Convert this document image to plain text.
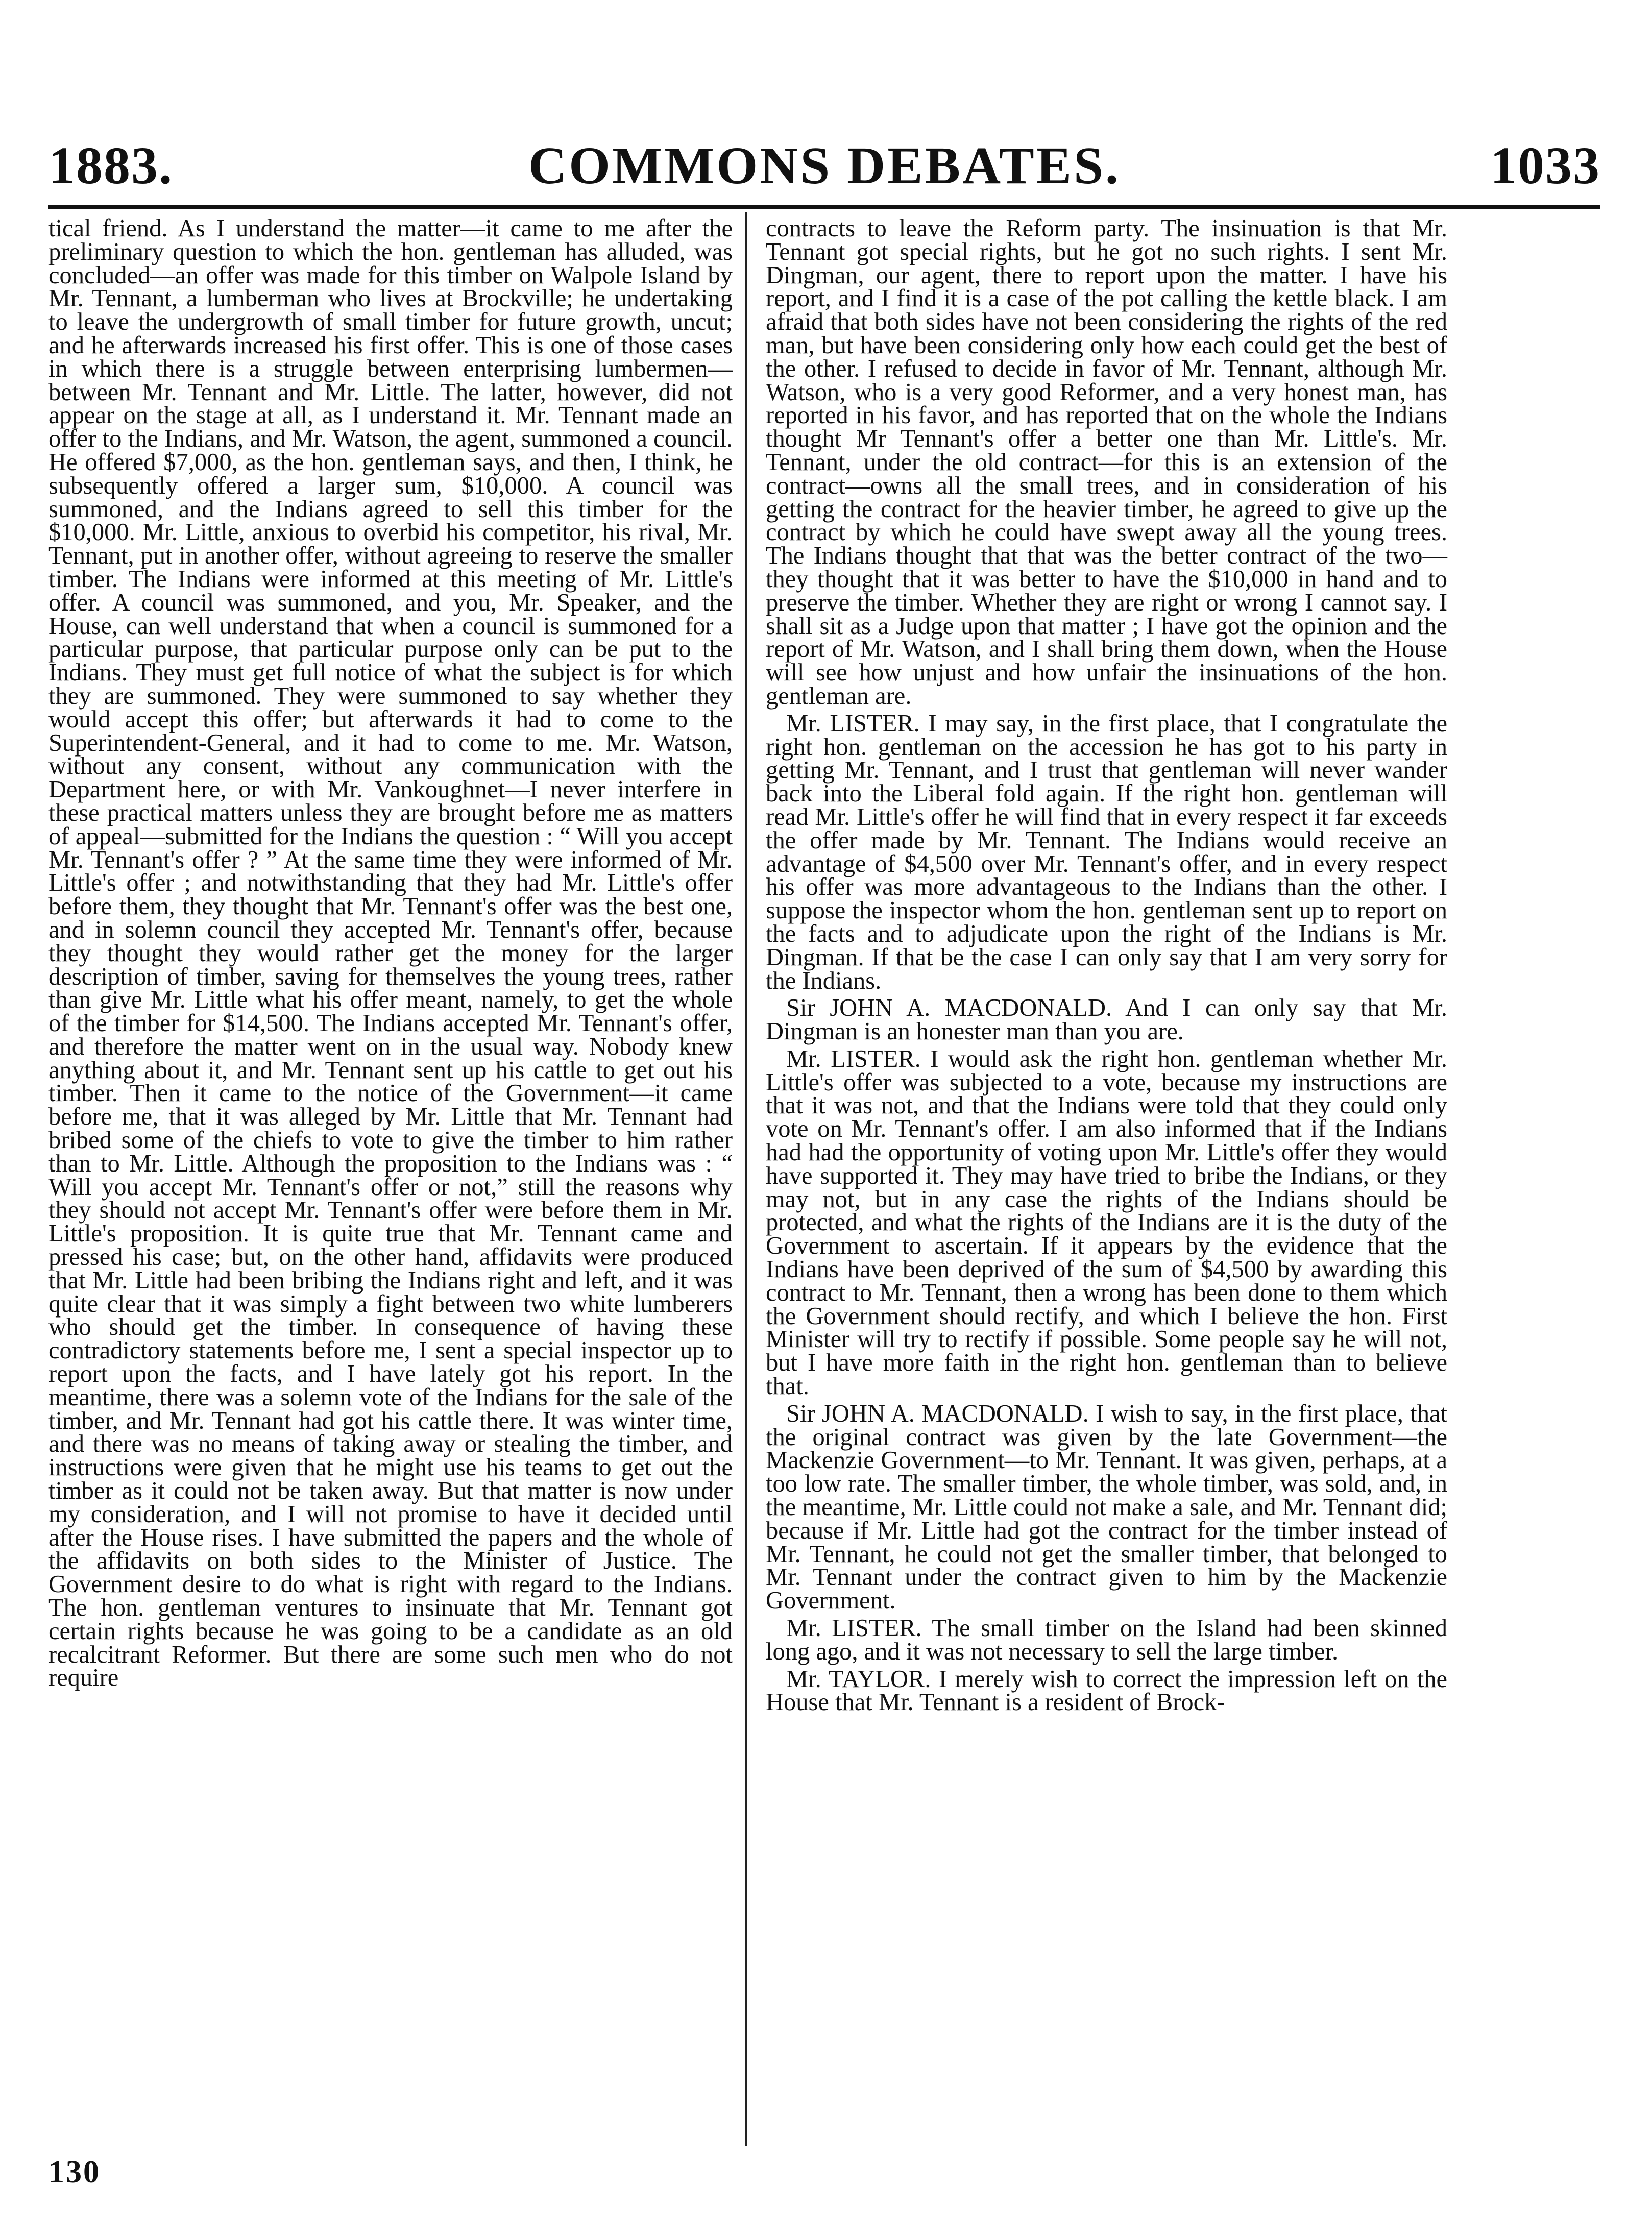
1883.	COMMONS DEBATES.	1033

tical friend. As I understand the matter—it came to me after the preliminary question to which the hon. gentleman has alluded, was concluded—an offer was made for this timber on Walpole Island by Mr. Tennant, a lumberman who lives at Brockville; he undertaking to leave the undergrowth of small timber for future growth, uncut; and he afterwards increased his first offer. This is one of those cases in which there is a struggle between enterprising lumbermen—between Mr. Tennant and Mr. Little. The latter, however, did not appear on the stage at all, as I understand it. Mr. Tennant made an offer to the Indians, and Mr. Watson, the agent, summoned a council. He offered $7,000, as the hon. gentleman says, and then, I think, he subsequently offered a larger sum, $10,000. A council was summoned, and the Indians agreed to sell this timber for the $10,000. Mr. Little, anxious to overbid his competitor, his rival, Mr. Tennant, put in another offer, without agreeing to reserve the smaller timber. The Indians were informed at this meeting of Mr. Little's offer. A council was summoned, and you, Mr. Speaker, and the House, can well understand that when a council is summoned for a particular purpose, that particular purpose only can be put to the Indians. They must get full notice of what the subject is for which they are summoned. They were summoned to say whether they would accept this offer; but afterwards it had to come to the Superintendent-General, and it had to come to me. Mr. Watson, without any consent, without any communication with the Department here, or with Mr. Vankoughnet—I never interfere in these practical matters unless they are brought before me as matters of appeal—submitted for the Indians the question : “ Will you accept Mr. Tennant's offer ? ” At the same time they were informed of Mr. Little's offer ; and notwithstanding that they had Mr. Little's offer before them, they thought that Mr. Tennant's offer was the best one, and in solemn council they accepted Mr. Tennant's offer, because they thought they would rather get the money for the larger description of timber, saving for themselves the young trees, rather than give Mr. Little what his offer meant, namely, to get the whole of the timber for $14,500. The Indians accepted Mr. Tennant's offer, and therefore the matter went on in the usual way. Nobody knew anything about it, and Mr. Tennant sent up his cattle to get out his timber. Then it came to the notice of the Government—it came before me, that it was alleged by Mr. Little that Mr. Tennant had bribed some of the chiefs to vote to give the timber to him rather than to Mr. Little. Although the proposition to the Indians was : “ Will you accept Mr. Tennant's offer or not,” still the reasons why they should not accept Mr. Tennant's offer were before them in Mr. Little's proposition. It is quite true that Mr. Tennant came and pressed his case; but, on the other hand, affidavits were produced that Mr. Little had been bribing the Indians right and left, and it was quite clear that it was simply a fight between two white lumberers who should get the timber. In consequence of having these contradictory statements before me, I sent a special inspector up to report upon the facts, and I have lately got his report. In the meantime, there was a solemn vote of the Indians for the sale of the timber, and Mr. Tennant had got his cattle there. It was winter time, and there was no means of taking away or stealing the timber, and instructions were given that he might use his teams to get out the timber as it could not be taken away. But that matter is now under my consideration, and I will not promise to have it decided until after the House rises. I have submitted the papers and the whole of the affidavits on both sides to the Minister of Justice. The Government desire to do what is right with regard to the Indians. The hon. gentleman ventures to insinuate that Mr. Tennant got certain rights because he was going to be a candidate as an old recalcitrant Reformer. But there are some such men who do not require

contracts to leave the Reform party. The insinuation is that Mr. Tennant got special rights, but he got no such rights. I sent Mr. Dingman, our agent, there to report upon the matter. I have his report, and I find it is a case of the pot calling the kettle black. I am afraid that both sides have not been considering the rights of the red man, but have been considering only how each could get the best of the other. I refused to decide in favor of Mr. Tennant, although Mr. Watson, who is a very good Reformer, and a very honest man, has reported in his favor, and has reported that on the whole the Indians thought Mr Tennant's offer a better one than Mr. Little's. Mr. Tennant, under the old contract—for this is an extension of the contract—owns all the small trees, and in consideration of his getting the contract for the heavier timber, he agreed to give up the contract by which he could have swept away all the young trees. The Indians thought that that was the better contract of the two—they thought that it was better to have the $10,000 in hand and to preserve the timber. Whether they are right or wrong I cannot say. I shall sit as a Judge upon that matter ; I have got the opinion and the report of Mr. Watson, and I shall bring them down, when the House will see how unjust and how unfair the insinuations of the hon. gentleman are.

Mr. LISTER. I may say, in the first place, that I congratulate the right hon. gentleman on the accession he has got to his party in getting Mr. Tennant, and I trust that gentleman will never wander back into the Liberal fold again. If the right hon. gentleman will read Mr. Little's offer he will find that in every respect it far exceeds the offer made by Mr. Tennant. The Indians would receive an advantage of $4,500 over Mr. Tennant's offer, and in every respect his offer was more advantageous to the Indians than the other. I suppose the inspector whom the hon. gentleman sent up to report on the facts and to adjudicate upon the right of the Indians is Mr. Dingman. If that be the case I can only say that I am very sorry for the Indians.

Sir JOHN A. MACDONALD. And I can only say that Mr. Dingman is an honester man than you are.

Mr. LISTER. I would ask the right hon. gentleman whether Mr. Little's offer was subjected to a vote, because my instructions are that it was not, and that the Indians were told that they could only vote on Mr. Tennant's offer. I am also informed that if the Indians had had the opportunity of voting upon Mr. Little's offer they would have supported it. They may have tried to bribe the Indians, or they may not, but in any case the rights of the Indians should be protected, and what the rights of the Indians are it is the duty of the Government to ascertain. If it appears by the evidence that the Indians have been deprived of the sum of $4,500 by awarding this contract to Mr. Tennant, then a wrong has been done to them which the Government should rectify, and which I believe the hon. First Minister will try to rectify if possible. Some people say he will not, but I have more faith in the right hon. gentleman than to believe that.

Sir JOHN A. MACDONALD. I wish to say, in the first place, that the original contract was given by the late Government—the Mackenzie Government—to Mr. Tennant. It was given, perhaps, at a too low rate. The smaller timber, the whole timber, was sold, and, in the meantime, Mr. Little could not make a sale, and Mr. Tennant did; because if Mr. Little had got the contract for the timber instead of Mr. Tennant, he could not get the smaller timber, that belonged to Mr. Tennant under the contract given to him by the Mackenzie Government.

Mr. LISTER. The small timber on the Island had been skinned long ago, and it was not necessary to sell the large timber.

Mr. TAYLOR. I merely wish to correct the impression left on the House that Mr. Tennant is a resident of Brock-

130
